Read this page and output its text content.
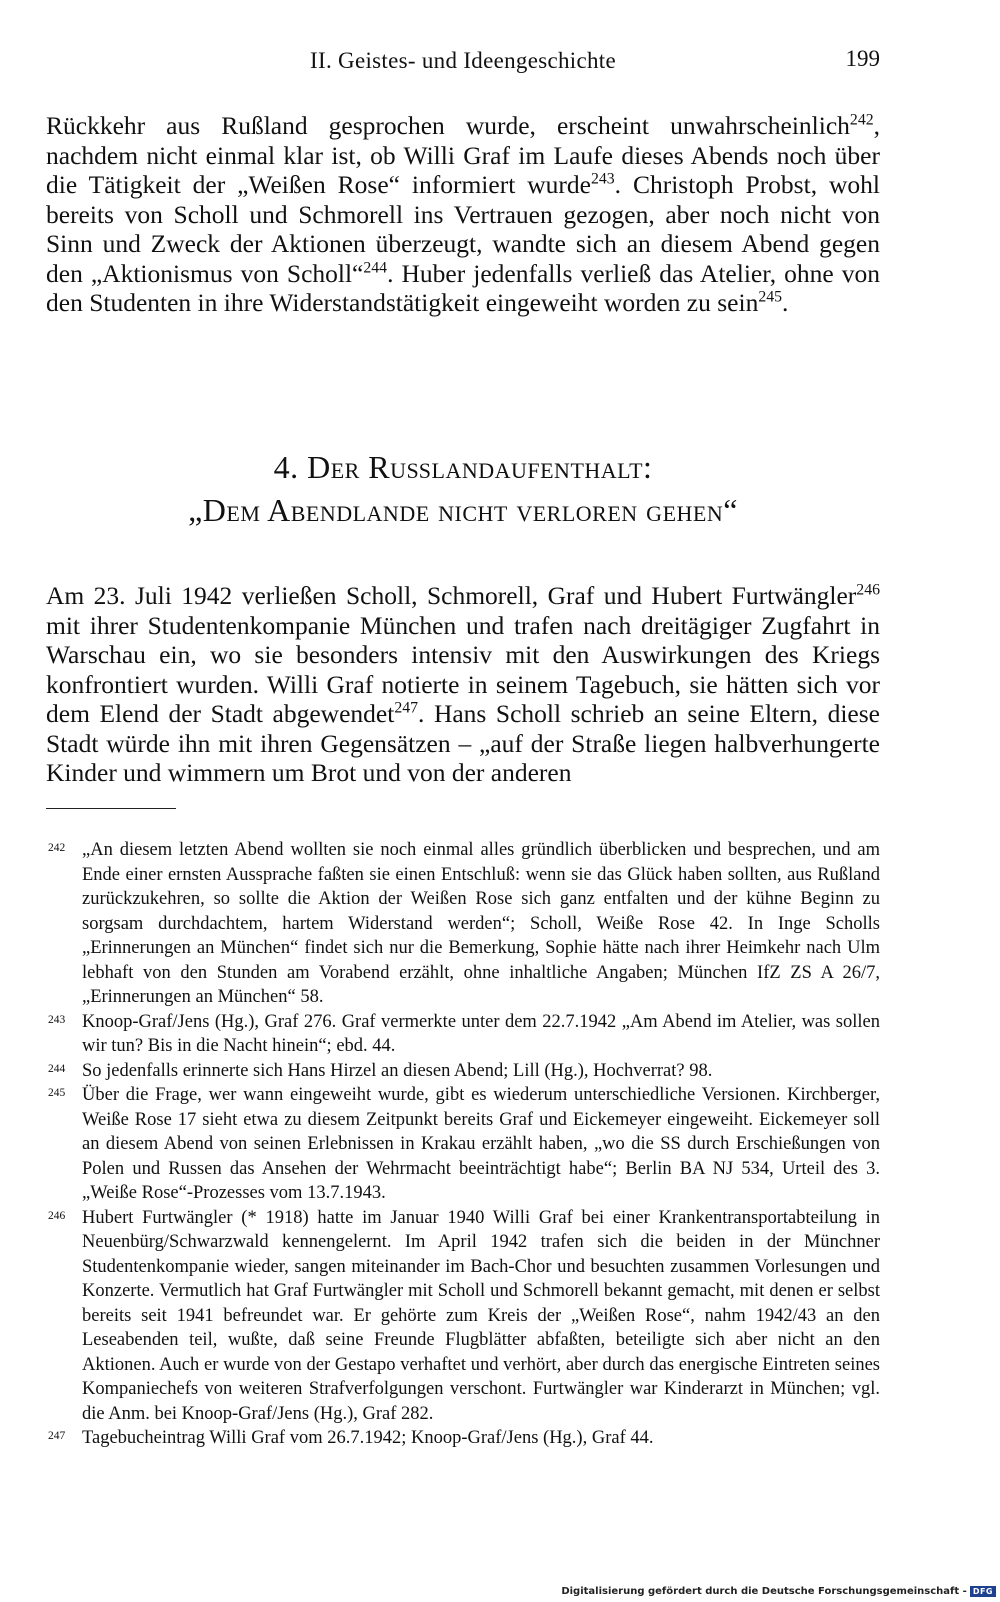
II. Geistes- und Ideengeschichte	199

Rückkehr aus Rußland gesprochen wurde, erscheint unwahrscheinlich$^{242}$, nachdem nicht einmal klar ist, ob Willi Graf im Laufe dieses Abends noch über die Tätigkeit der „Weißen Rose“ informiert wurde$^{243}$. Christoph Probst, wohl bereits von Scholl und Schmorell ins Vertrauen gezogen, aber noch nicht von Sinn und Zweck der Aktionen überzeugt, wandte sich an diesem Abend gegen den „Aktionismus von Scholl“$^{244}$. Huber jedenfalls verließ das Atelier, ohne von den Studenten in ihre Widerstandstätigkeit eingeweiht worden zu sein$^{245}$.

4. Der Rußlandaufenthalt:
„Dem Abendlande nicht verloren gehen“

Am 23. Juli 1942 verließen Scholl, Schmorell, Graf und Hubert Furtwängler$^{246}$ mit ihrer Studentenkompanie München und trafen nach dreitägiger Zugfahrt in Warschau ein, wo sie besonders intensiv mit den Auswirkungen des Kriegs konfrontiert wurden. Willi Graf notierte in seinem Tagebuch, sie hätten sich vor dem Elend der Stadt abgewendet$^{247}$. Hans Scholl schrieb an seine Eltern, diese Stadt würde ihn mit ihren Gegensätzen – „auf der Straße liegen halbverhungerte Kinder und wimmern um Brot und von der anderen

242 „An diesem letzten Abend wollten sie noch einmal alles gründlich überblicken und besprechen, und am Ende einer ernsten Aussprache faßten sie einen Entschluß: wenn sie das Glück haben sollten, aus Rußland zurückzukehren, so sollte die Aktion der Weißen Rose sich ganz entfalten und der kühne Beginn zu sorgsam durchdachtem, hartem Widerstand werden“; Scholl, Weiße Rose 42. In Inge Scholls „Erinnerungen an München“ findet sich nur die Bemerkung, Sophie hätte nach ihrer Heimkehr nach Ulm lebhaft von den Stunden am Vorabend erzählt, ohne inhaltliche Angaben; München IfZ ZS A 26/7, „Erinnerungen an München“ 58.
243 Knoop-Graf/Jens (Hg.), Graf 276. Graf vermerkte unter dem 22.7.1942 „Am Abend im Atelier, was sollen wir tun? Bis in die Nacht hinein“; ebd. 44.
244 So jedenfalls erinnerte sich Hans Hirzel an diesen Abend; Lill (Hg.), Hochverrat? 98.
245 Über die Frage, wer wann eingeweiht wurde, gibt es wiederum unterschiedliche Versionen. Kirchberger, Weiße Rose 17 sieht etwa zu diesem Zeitpunkt bereits Graf und Eickemeyer eingeweiht. Eickemeyer soll an diesem Abend von seinen Erlebnissen in Krakau erzählt haben, „wo die SS durch Erschießungen von Polen und Russen das Ansehen der Wehrmacht beeinträchtigt habe“; Berlin BA NJ 534, Urteil des 3. „Weiße Rose“-Prozesses vom 13.7.1943.
246 Hubert Furtwängler (* 1918) hatte im Januar 1940 Willi Graf bei einer Krankentransportabteilung in Neuenbürg/Schwarzwald kennengelernt. Im April 1942 trafen sich die beiden in der Münchner Studentenkompanie wieder, sangen miteinander im Bach-Chor und besuchten zusammen Vorlesungen und Konzerte. Vermutlich hat Graf Furtwängler mit Scholl und Schmorell bekannt gemacht, mit denen er selbst bereits seit 1941 befreundet war. Er gehörte zum Kreis der „Weißen Rose“, nahm 1942/43 an den Leseabenden teil, wußte, daß seine Freunde Flugblätter abfaßten, beteiligte sich aber nicht an den Aktionen. Auch er wurde von der Gestapo verhaftet und verhört, aber durch das energische Eintreten seines Kompaniechefs von weiteren Strafverfolgungen verschont. Furtwängler war Kinderarzt in München; vgl. die Anm. bei Knoop-Graf/Jens (Hg.), Graf 282.
247 Tagebucheintrag Willi Graf vom 26.7.1942; Knoop-Graf/Jens (Hg.), Graf 44.
Digitalisierung gefördert durch die Deutsche Forschungsgemeinschaft - DFG
